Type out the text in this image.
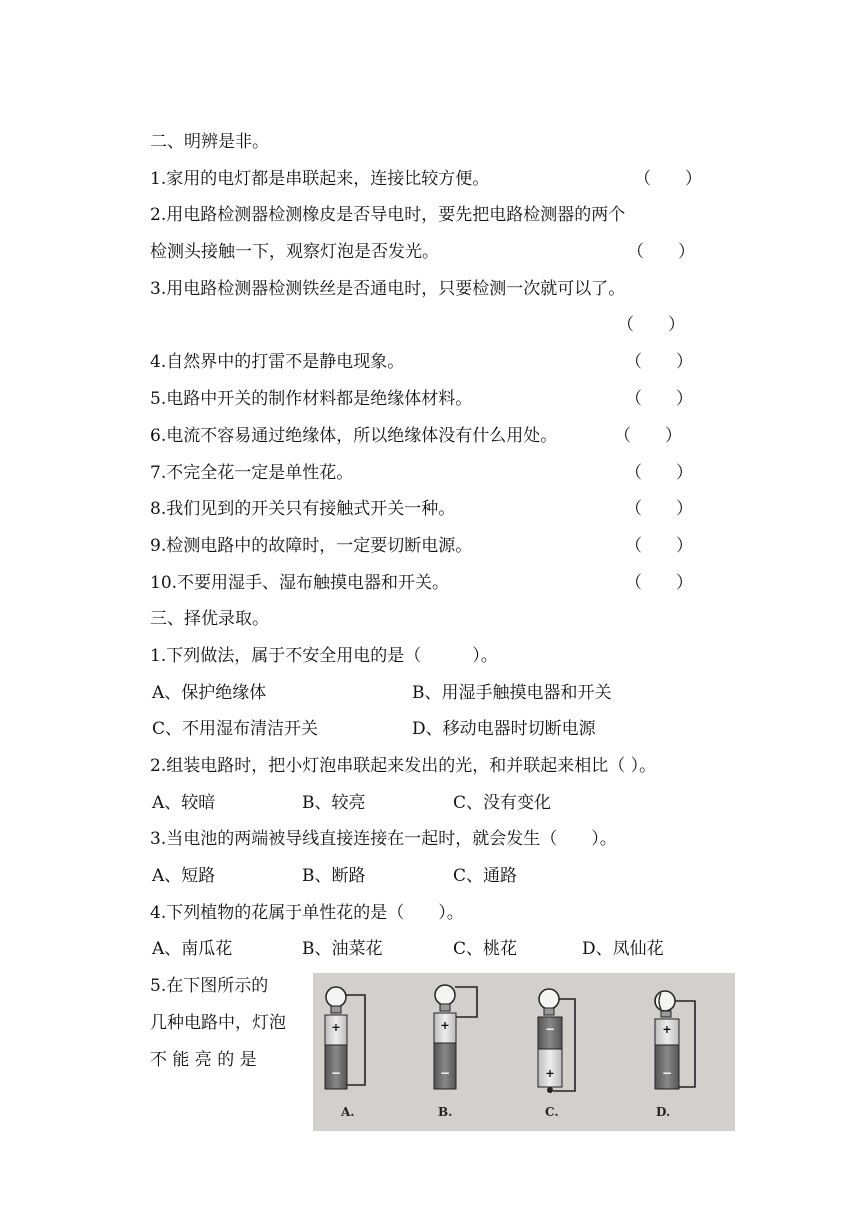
二、明辨是非。
1.家用的电灯都是串联起来，连接比较方便。	（　　）
2.用电路检测器检测橡皮是否导电时，要先把电路检测器的两个
检测头接触一下，观察灯泡是否发光。	（　　）
3.用电路检测器检测铁丝是否通电时，只要检测一次就可以了。
（　　）
4.自然界中的打雷不是静电现象。	（　　）
5.电路中开关的制作材料都是绝缘体材料。	（　　）
6.电流不容易通过绝缘体，所以绝缘体没有什么用处。	（　　）
7.不完全花一定是单性花。	（　　）
8.我们见到的开关只有接触式开关一种。	（　　）
9.检测电路中的故障时，一定要切断电源。	（　　）
10.不要用湿手、湿布触摸电器和开关。	（　　）
三、择优录取。
1.下列做法，属于不安全用电的是（　　　）。
A、保护绝缘体	B、用湿手触摸电器和开关
C、不用湿布清洁开关	D、移动电器时切断电源
2.组装电路时，把小灯泡串联起来发出的光，和并联起来相比（ ）。
A、较暗	B、较亮	C、没有变化
3.当电池的两端被导线直接连接在一起时，就会发生（　　）。
A、短路	B、断路	C、通路
4.下列植物的花属于单性花的是（　　）。
A、南瓜花	B、油菜花	C、桃花	D、凤仙花
5.在下图所示的
几种电路中，灯泡
不 能 亮 的 是
+
−
+
−
−
+
+
−
A.	B.	C.	D.
